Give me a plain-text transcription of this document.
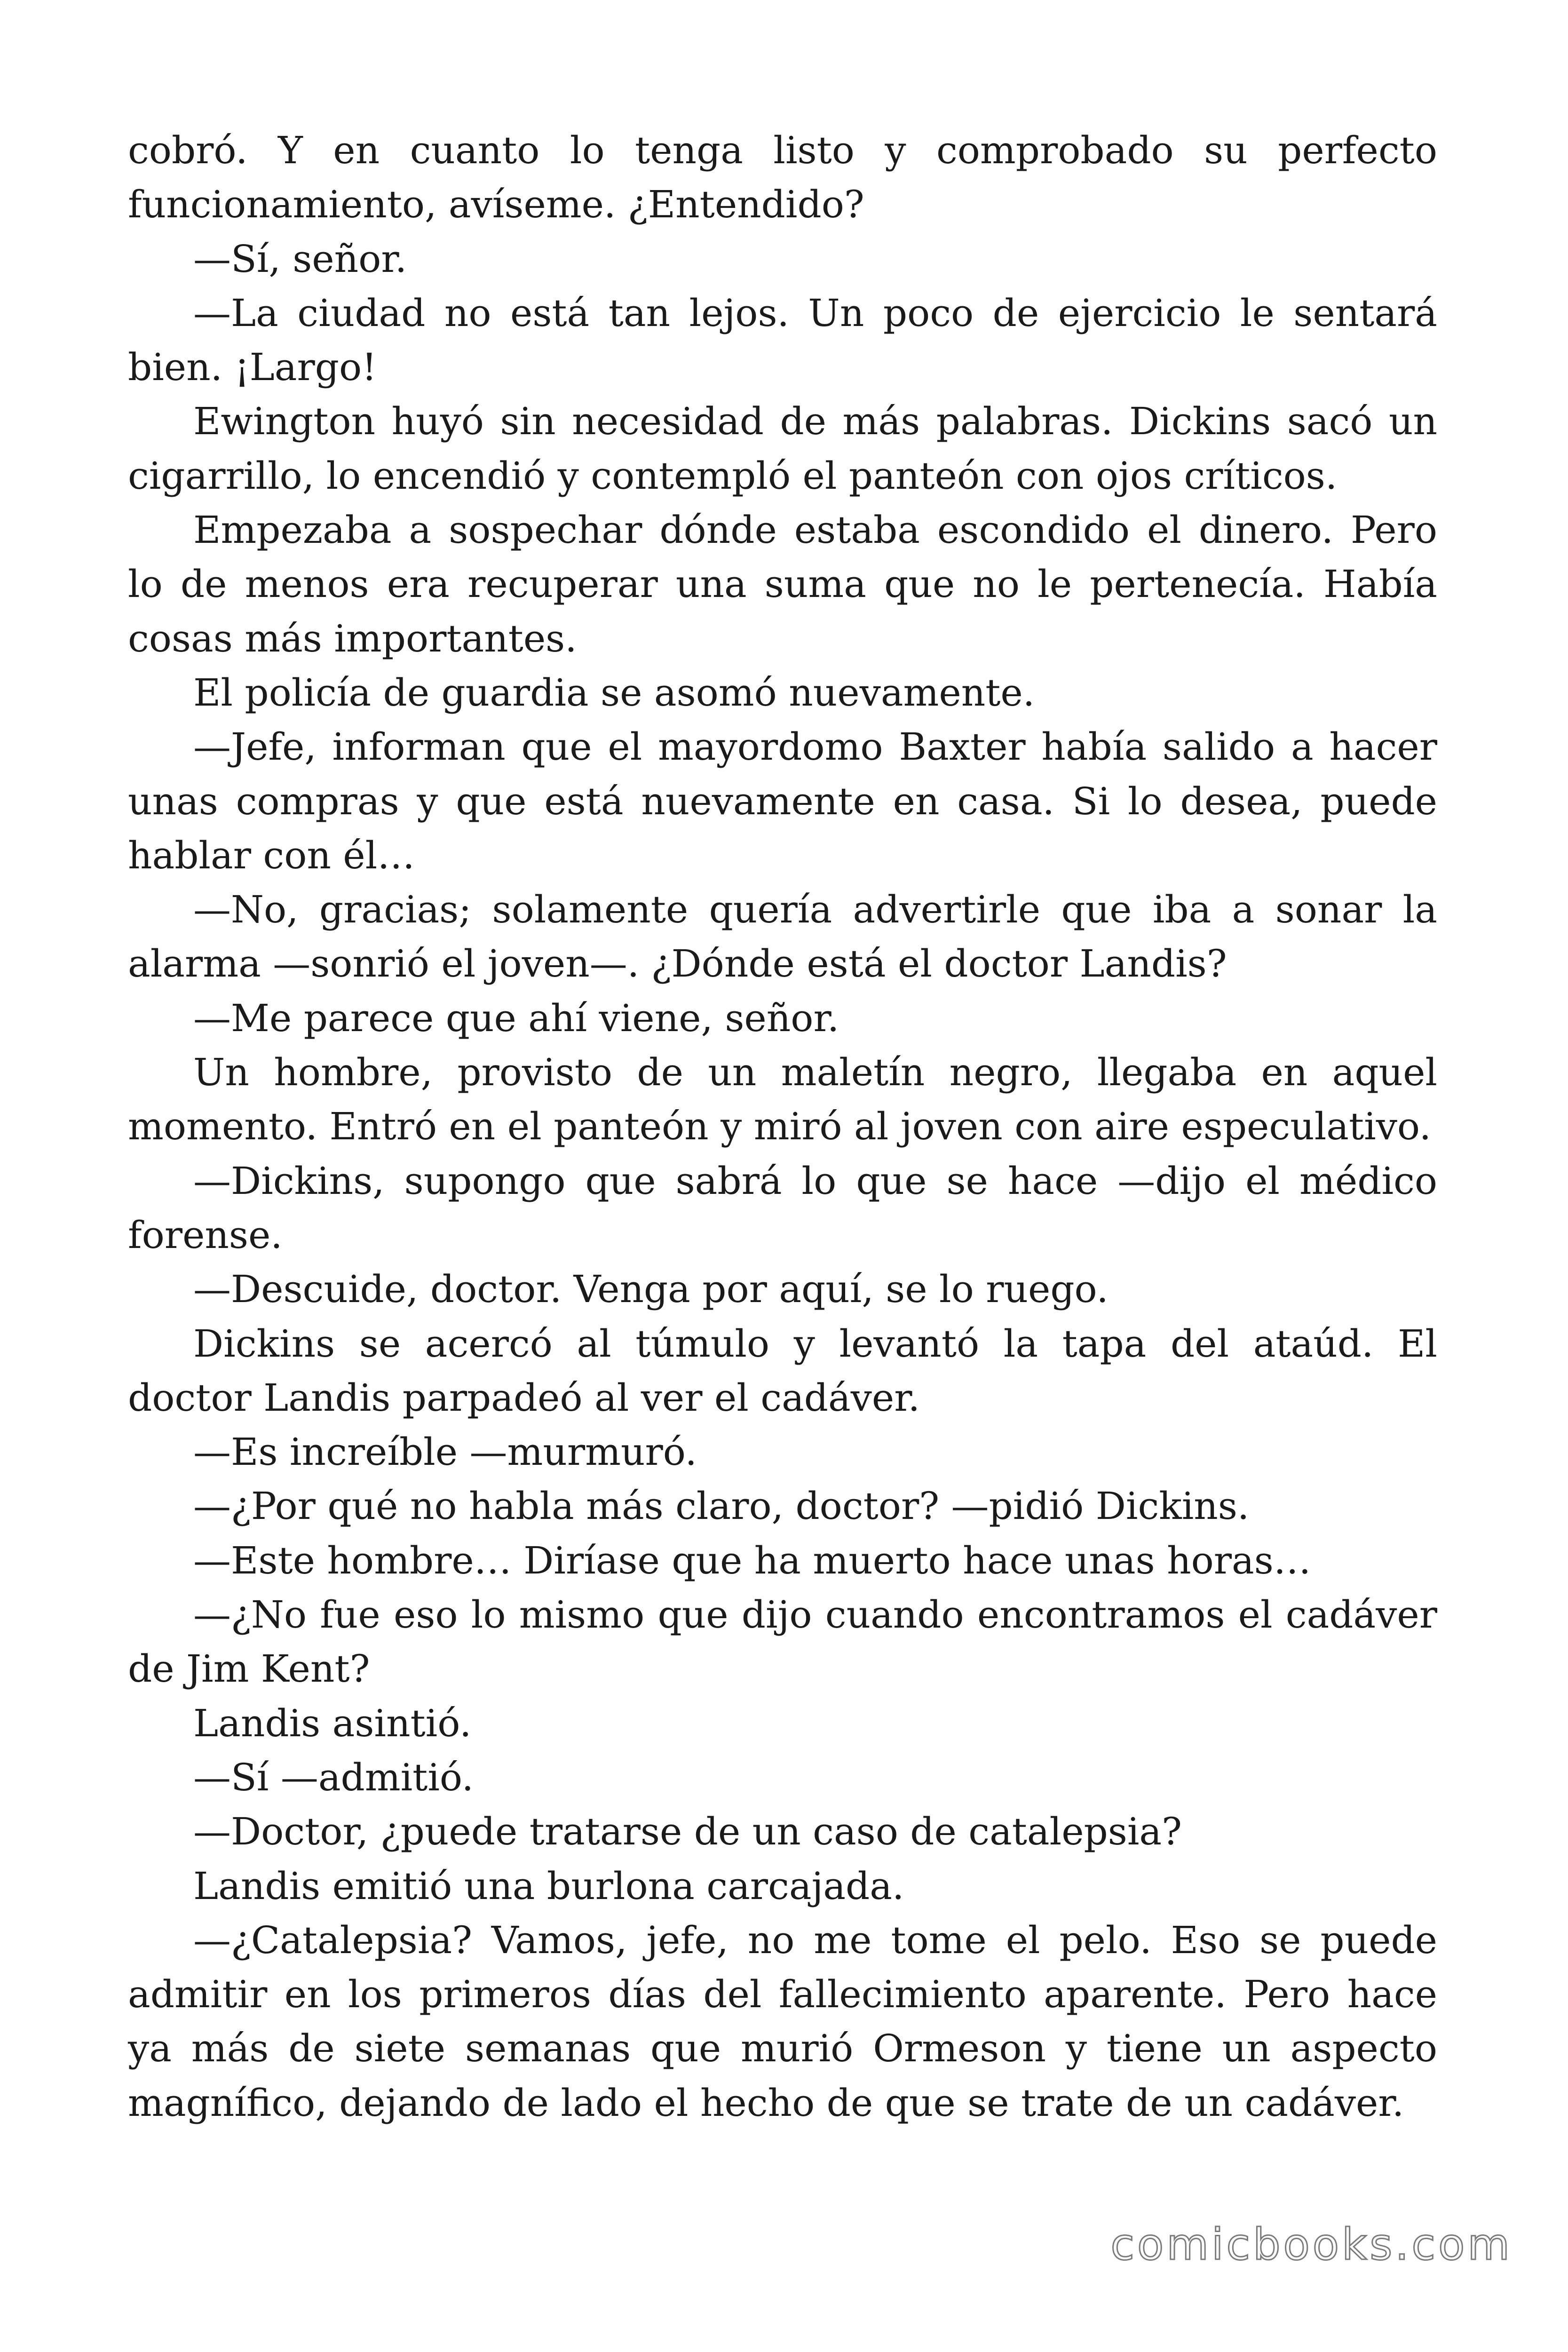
cobró. Y en cuanto lo tenga listo y comprobado su perfecto funcionamiento, avíseme. ¿Entendido?

—Sí, señor.

—La ciudad no está tan lejos. Un poco de ejercicio le sentará bien. ¡Largo!

Ewington huyó sin necesidad de más palabras. Dickins sacó un cigarrillo, lo encendió y contempló el panteón con ojos críticos.

Empezaba a sospechar dónde estaba escondido el dinero. Pero lo de menos era recuperar una suma que no le pertenecía. Había cosas más importantes.

El policía de guardia se asomó nuevamente.

—Jefe, informan que el mayordomo Baxter había salido a hacer unas compras y que está nuevamente en casa. Si lo desea, puede hablar con él…

—No, gracias; solamente quería advertirle que iba a sonar la alarma —sonrió el joven—. ¿Dónde está el doctor Landis?

—Me parece que ahí viene, señor.

Un hombre, provisto de un maletín negro, llegaba en aquel momento. Entró en el panteón y miró al joven con aire especulativo.

—Dickins, supongo que sabrá lo que se hace —dijo el médico forense.

—Descuide, doctor. Venga por aquí, se lo ruego.

Dickins se acercó al túmulo y levantó la tapa del ataúd. El doctor Landis parpadeó al ver el cadáver.

—Es increíble —murmuró.

—¿Por qué no habla más claro, doctor? —pidió Dickins.

—Este hombre… Diríase que ha muerto hace unas horas…

—¿No fue eso lo mismo que dijo cuando encontramos el cadáver de Jim Kent?

Landis asintió.

—Sí —admitió.

—Doctor, ¿puede tratarse de un caso de catalepsia?

Landis emitió una burlona carcajada.

—¿Catalepsia? Vamos, jefe, no me tome el pelo. Eso se puede admitir en los primeros días del fallecimiento aparente. Pero hace ya más de siete semanas que murió Ormeson y tiene un aspecto magnífico, dejando de lado el hecho de que se trate de un cadáver.

comicbooks.com
